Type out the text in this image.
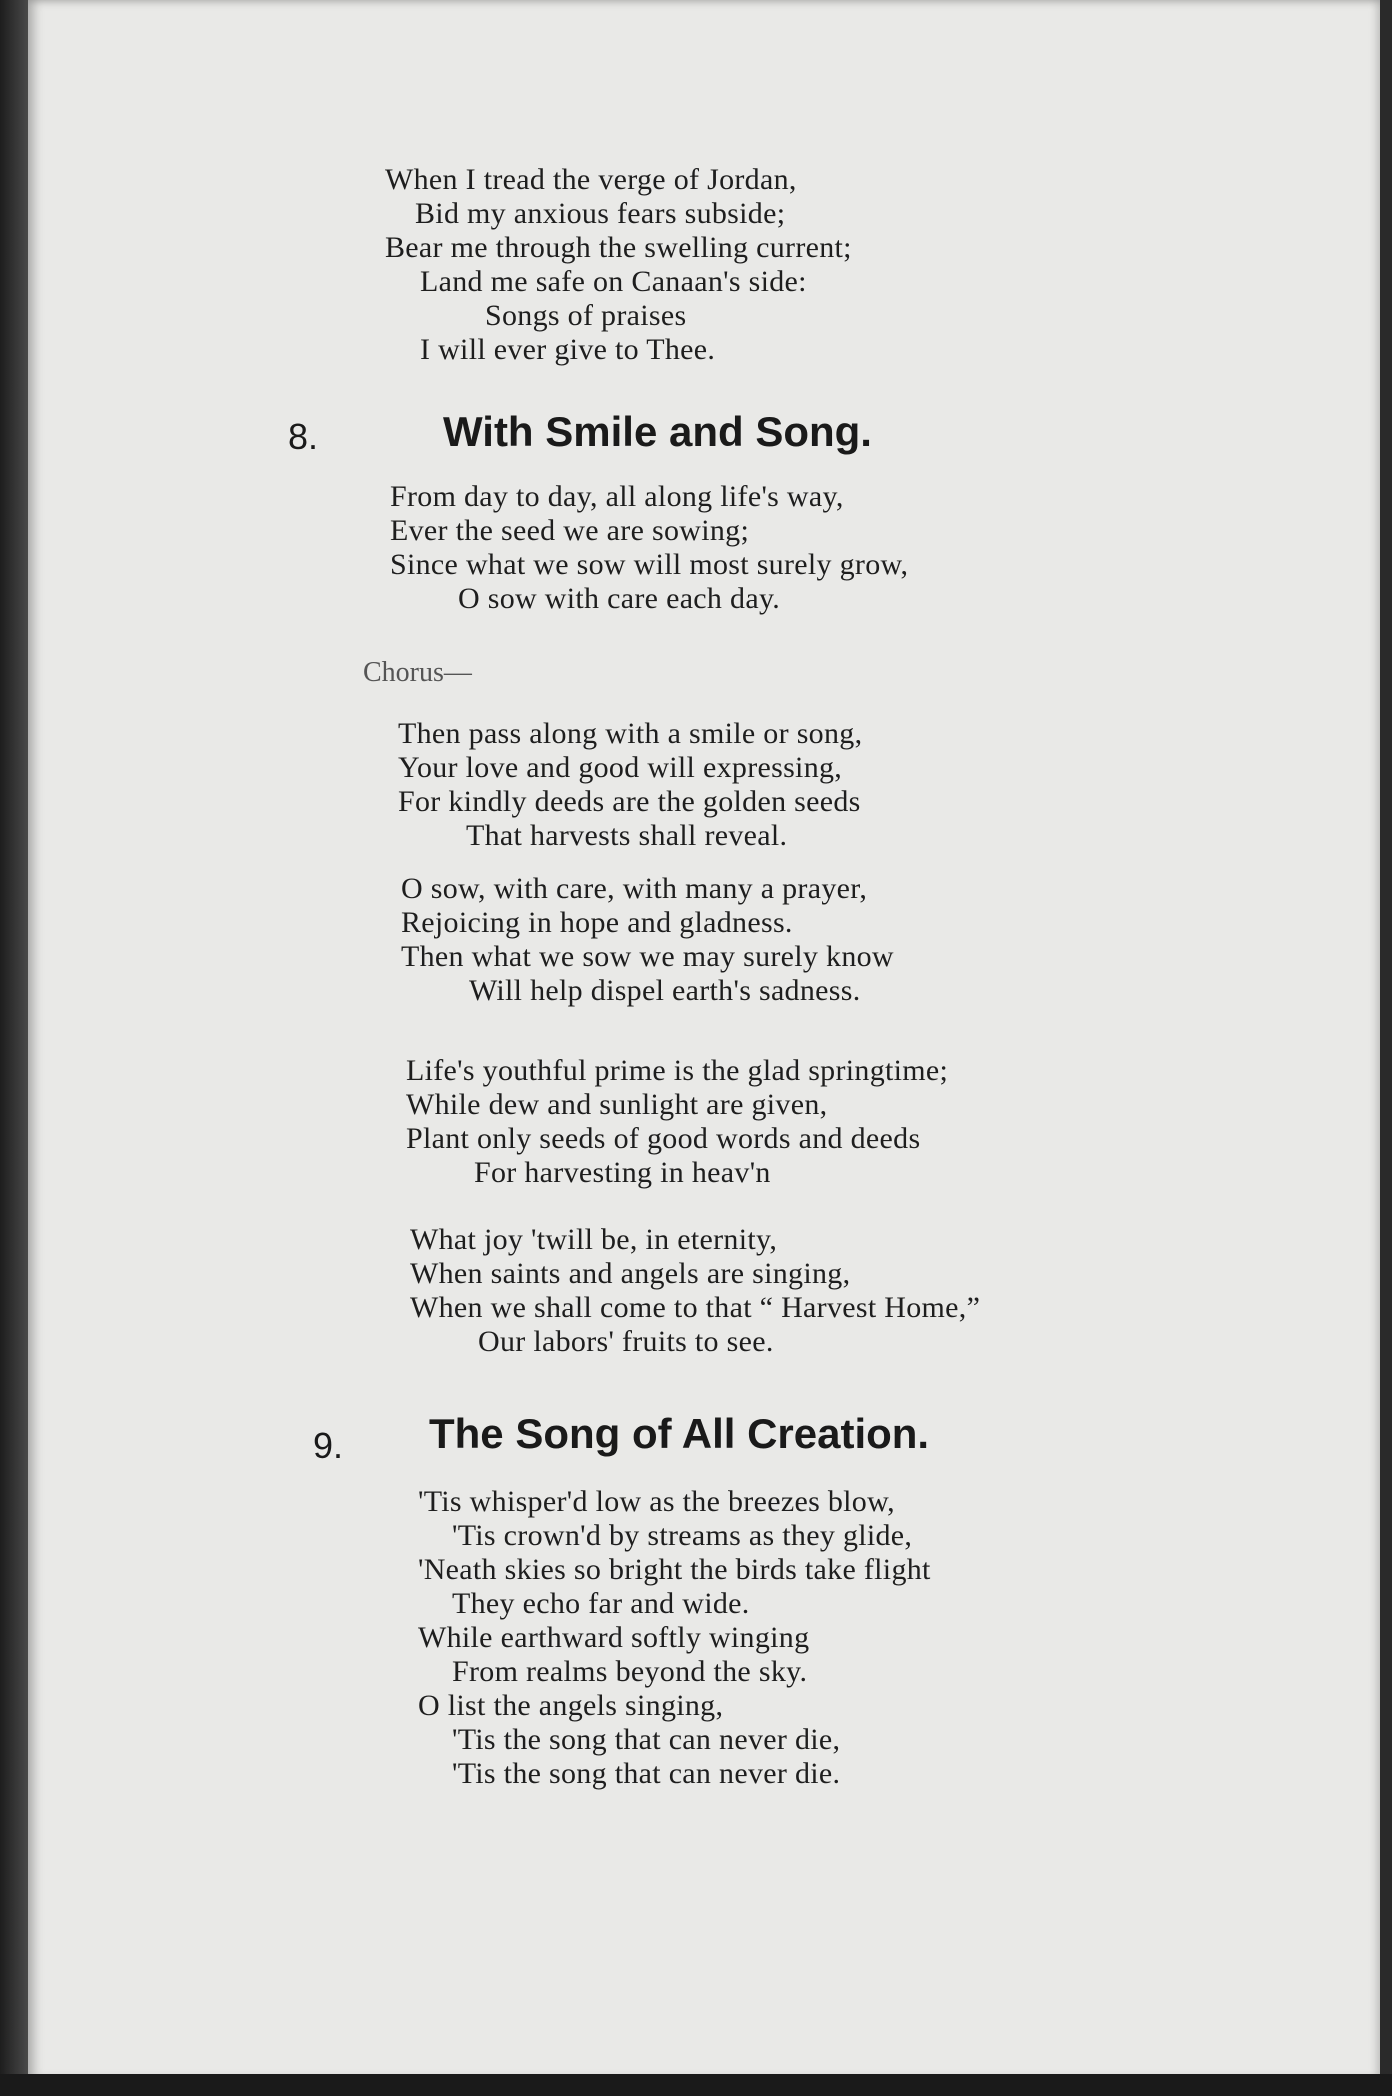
When I tread the verge of Jordan,
Bid my anxious fears subside;
Bear me through the swelling current;
Land me safe on Canaan's side:
Songs of praises
I will ever give to Thee.
8.	With Smile and Song.
From day to day, all along life's way,
Ever the seed we are sowing;
Since what we sow will most surely grow,
O sow with care each day.
Chorus—
Then pass along with a smile or song,
Your love and good will expressing,
For kindly deeds are the golden seeds
That harvests shall reveal.
O sow, with care, with many a prayer,
Rejoicing in hope and gladness.
Then what we sow we may surely know
Will help dispel earth's sadness.
Life's youthful prime is the glad springtime;
While dew and sunlight are given,
Plant only seeds of good words and deeds
For harvesting in heav'n
What joy 'twill be, in eternity,
When saints and angels are singing,
When we shall come to that “ Harvest Home,”
Our labors' fruits to see.
9. The Song of All Creation.
'Tis whisper'd low as the breezes blow,
'Tis crown'd by streams as they glide,
'Neath skies so bright the birds take flight
They echo far and wide.
While earthward softly winging
From realms beyond the sky.
O list the angels singing,
'Tis the song that can never die,
'Tis the song that can never die.
